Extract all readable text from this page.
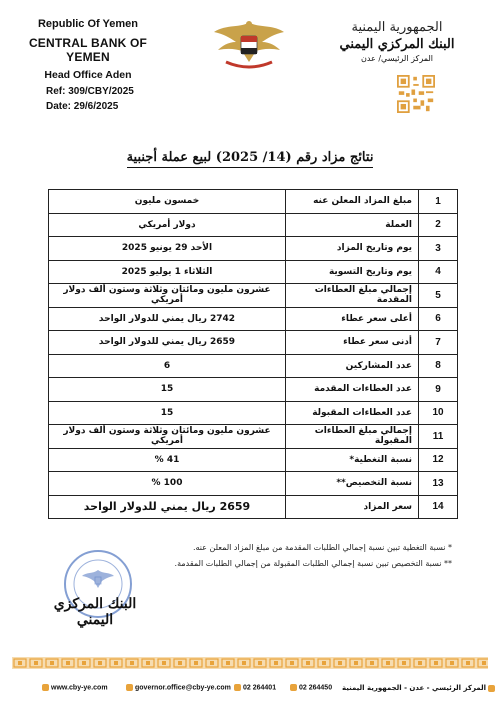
Republic Of Yemen
CENTRAL BANK OF YEMEN
Head Office Aden
Ref: 309/CBY/2025
Date: 29/6/2025
الجمهورية اليمنية
البنك المركزي اليمني
المركز الرئيسي/ عدن
نتائج مزاد رقم (14/ 2025) لبيع عملة أجنبية
1	مبلغ المزاد المعلن عنه	خمسون مليون
2	العملة	دولار أمريكي
3	يوم وتاريخ المزاد	الأحد 29 يونيو 2025
4	يوم وتاريخ التسوية	الثلاثاء 1 يوليو 2025
5	إجمالي مبلغ العطاءات المقدمة	عشرون مليون ومائتان وثلاثة وستون ألف دولار أمريكي
6	أعلى سعر عطاء	2742 ريال يمني للدولار الواحد
7	أدنى سعر عطاء	2659 ريال يمني للدولار الواحد
8	عدد المشاركين	6
9	عدد العطاءات المقدمة	15
10	عدد العطاءات المقبولة	15
11	إجمالي مبلغ العطاءات المقبولة	عشرون مليون ومائتان وثلاثة وستون ألف دولار أمريكي
12	نسبة التغطية*	41 %
13	نسبة التخصيص**	100 %
14	سعر المزاد	2659 ريال يمني للدولار الواحد
* نسبة التغطية تبين نسبة إجمالي الطلبات المقدمة من مبلغ المزاد المعلن عنه.
** نسبة التخصيص تبين نسبة إجمالي الطلبات المقبولة من إجمالي الطلبات المقدمة.
البنك المركزي اليمني
www.cby-ye.com	governor.office@cby-ye.com	02 264401	02 264450 المركز الرئيسي - عدن - الجمهورية اليمنية
